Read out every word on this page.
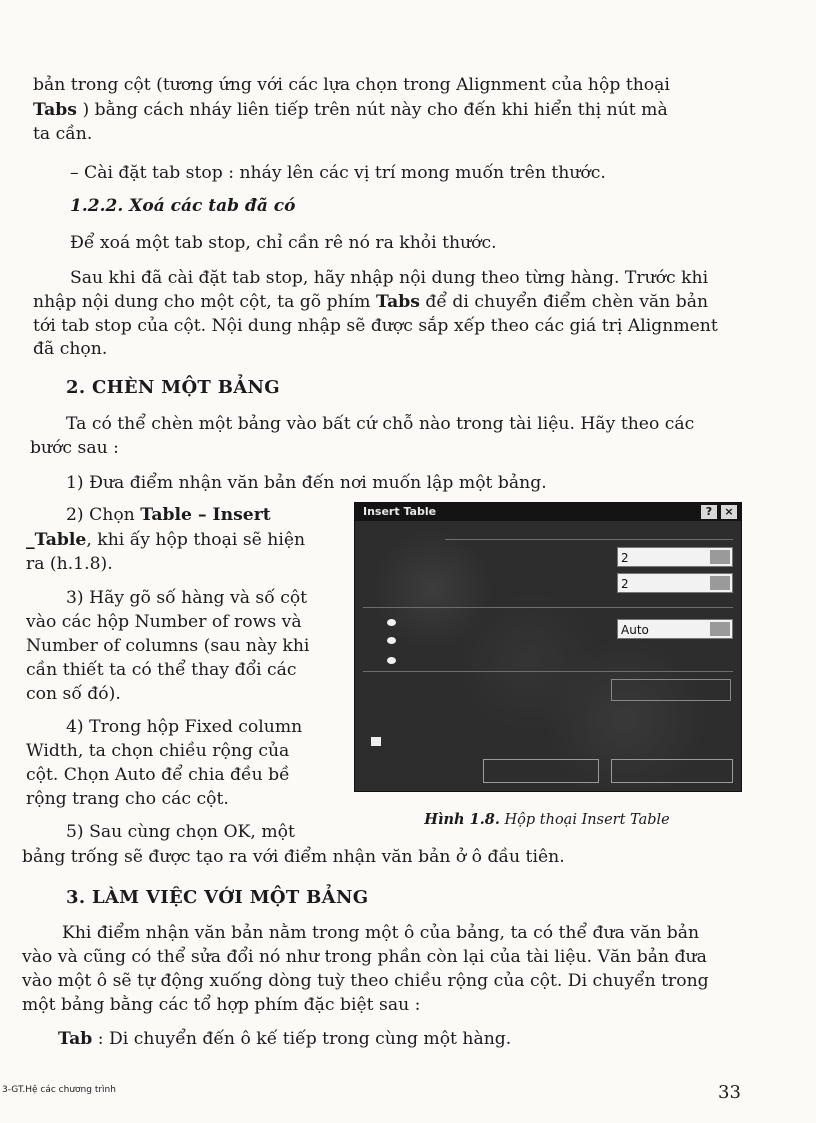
bản trong cột (tương ứng với các lựa chọn trong Alignment của hộp thoại

Tabs ) bằng cách nháy liên tiếp trên nút này cho đến khi hiển thị nút mà

ta cần.

– Cài đặt tab stop : nháy lên các vị trí mong muốn trên thước.

1.2.2. Xoá các tab đã có

Để xoá một tab stop, chỉ cần rê nó ra khỏi thước.

Sau khi đã cài đặt tab stop, hãy nhập nội dung theo từng hàng. Trước khi

nhập nội dung cho một cột, ta gõ phím Tabs để di chuyển điểm chèn văn bản

tới tab stop của cột. Nội dung nhập sẽ được sắp xếp theo các giá trị Alignment

đã chọn.

2. CHÈN MỘT BẢNG

Ta có thể chèn một bảng vào bất cứ chỗ nào trong tài liệu. Hãy theo các

bước sau :

1) Đưa điểm nhận văn bản đến nơi muốn lập một bảng.

2) Chọn Table – Insert

_Table, khi ấy hộp thoại sẽ hiện

ra (h.1.8).

3) Hãy gõ số hàng và số cột

vào các hộp Number of rows và

Number of columns (sau này khi

cần thiết ta có thể thay đổi các

con số đó).

4) Trong hộp Fixed column

Width, ta chọn chiều rộng của

cột. Chọn Auto để chia đều bề

rộng trang cho các cột.

5) Sau cùng chọn OK, một

bảng trống sẽ được tạo ra với điểm nhận văn bản ở ô đầu tiên.

Insert Table	?	×
2
2
Auto
Hình 1.8. Hộp thoại Insert Table
3. LÀM VIỆC VỚI MỘT BẢNG

Khi điểm nhận văn bản nằm trong một ô của bảng, ta có thể đưa văn bản

vào và cũng có thể sửa đổi nó như trong phần còn lại của tài liệu. Văn bản đưa

vào một ô sẽ tự động xuống dòng tuỳ theo chiều rộng của cột. Di chuyển trong

một bảng bằng các tổ hợp phím đặc biệt sau :

Tab : Di chuyển đến ô kế tiếp trong cùng một hàng.

3-GT.Hệ các chương trình	33
